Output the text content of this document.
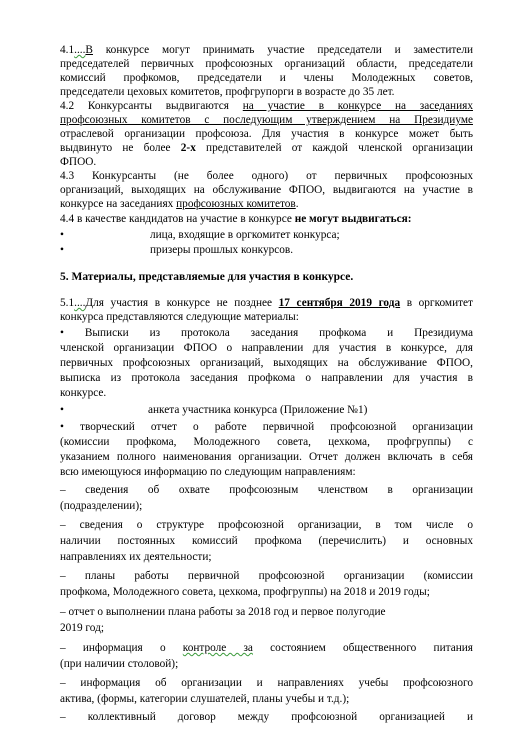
4.1....В конкурсе могут принимать участие председатели и заместители
председателей первичных профсоюзных организаций области, председатели
комиссий профкомов, председатели и члены Молодежных советов,
председатели цеховых комитетов, профгрупорги в возрасте до 35 лет.
4.2 Конкурсанты выдвигаются на участие в конкурсе на заседаниях
профсоюзных комитетов с последующим утверждением на Президиуме
отраслевой организации профсоюза. Для участия в конкурсе может быть
выдвинуто не более 2-х представителей от каждой членской организации
ФПОО.
4.3 Конкурсанты (не более одного) от первичных профсоюзных
организаций, выходящих на обслуживание ФПОО, выдвигаются на участие в
конкурсе на заседаниях профсоюзных комитетов.
4.4 в качестве кандидатов на участие в конкурсе не могут выдвигаться:
•	лица, входящие в оргкомитет конкурса;
•	призеры прошлых конкурсов.
5. Материалы, представляемые для участия в конкурсе.
5.1....Для участия в конкурсе не позднее 17 сентября 2019 года в оргкомитет
конкурса представляются следующие материалы:
• Выписки из протокола заседания профкома и Президиума
членской организации ФПОО о направлении для участия в конкурсе, для
первичных профсоюзных организаций, выходящих на обслуживание ФПОО,
выписка из протокола заседания профкома о направлении для участия в
конкурсе.
•	анкета участника конкурса (Приложение №1)
• творческий отчет о работе первичной профсоюзной организации
(комиссии профкома, Молодежного совета, цехкома, профгруппы) с
указанием полного наименования организации. Отчет должен включать в себя
всю имеющуюся информацию по следующим направлениям:
– сведения об охвате профсоюзным членством в организации
(подразделении);
– сведения о структуре профсоюзной организации, в том числе о
наличии постоянных комиссий профкома (перечислить) и основных
направлениях их деятельности;
– планы работы первичной профсоюзной организации (комиссии
профкома, Молодежного совета, цехкома, профгруппы) на 2018 и 2019 годы;
– отчет о выполнении плана работы за 2018 год и первое полугодие
2019 год;
– информация о контроле за состоянием общественного питания
(при наличии столовой);
– информация об организации и направлениях учебы профсоюзного
актива, (формы, категории слушателей, планы учебы и т.д.);
– коллективный договор между профсоюзной организацией и
